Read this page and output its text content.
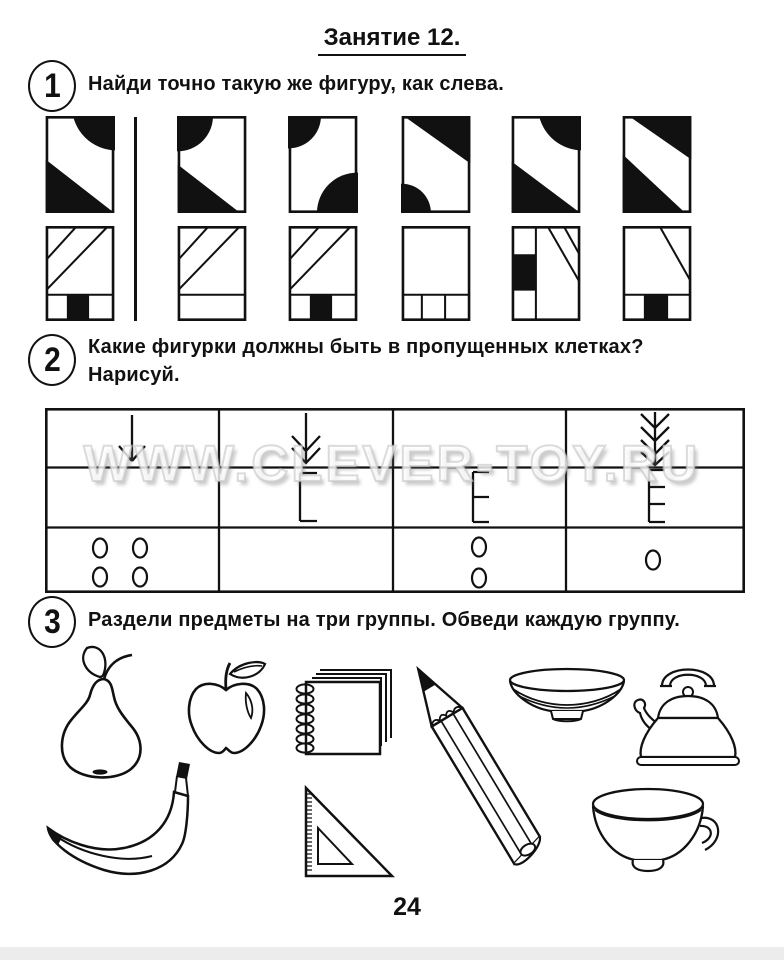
Занятие 12.
1 Найди точно такую же фигуру, как слева.
2 Какие фигурки должны быть в пропущенных клетках?
Нарисуй.
WWW.CLEVER-TOY.RU
3 Раздели предметы на три группы. Обведи каждую группу.
24
